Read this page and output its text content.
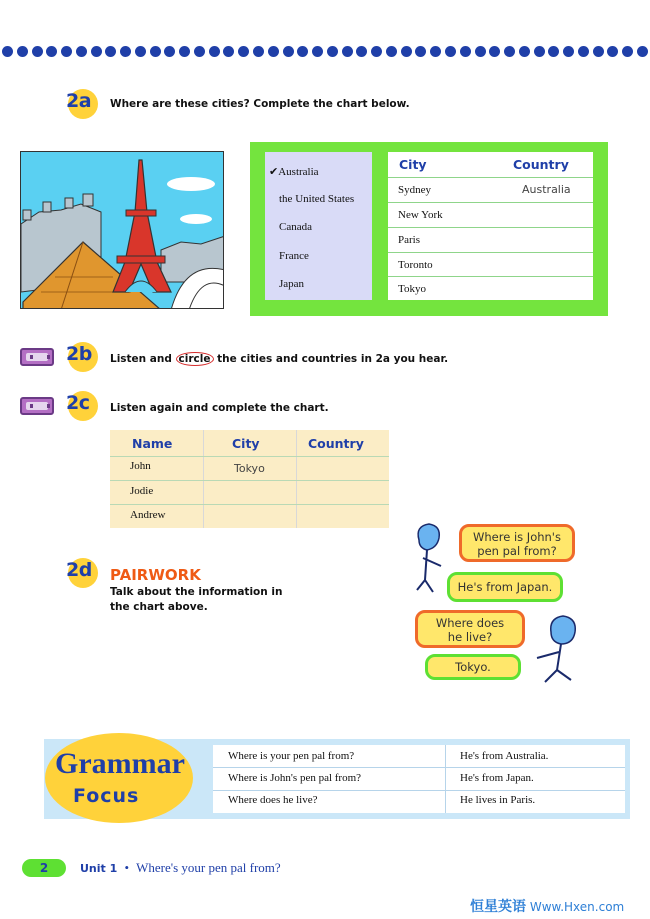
2a Where are these cities? Complete the chart below.
✔Australia
the United States
Canada
France
Japan
City	Country
Sydney	Australia
New York
Paris
Toronto
Tokyo
2b Listen and circle the cities and countries in 2a you hear.
2c Listen again and complete the chart.
Name	City	Country
John	Tokyo
Jodie
Andrew
2d PAIRWORK
Talk about the information in
the chart above.
Where is John's
pen pal from?
He's from Japan.
Where does
he live?
Tokyo.
Where is your pen pal from?	He's from Australia.
Where is John's pen pal from?	He's from Japan.
Where does he live?	He lives in Paris.
Grammar
Focus
2	Unit 1 • Where's your pen pal from?
恒星英语 Www.Hxen.com
